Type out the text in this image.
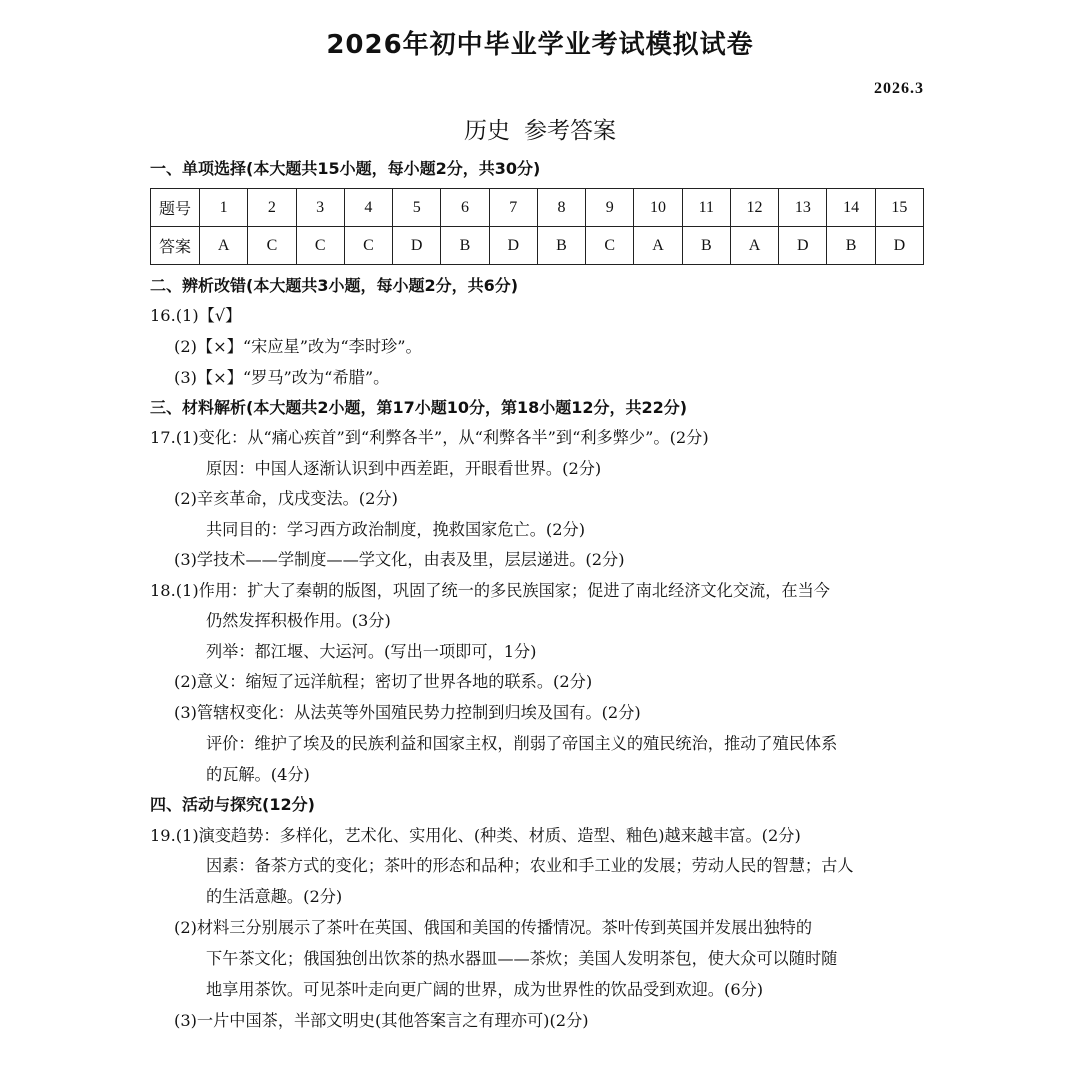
2026年初中毕业学业考试模拟试卷
2026.3
历史 参考答案
一、单项选择(本大题共15小题，每小题2分，共30分)
题号	1	2	3	4	5	6	7	8	9	10	11	12	13	14	15
答案	A	C	C	C	D	B	D	B	C	A	B	A	D	B	D
二、辨析改错(本大题共3小题，每小题2分，共6分)
16.(1)【√】
(2)【×】“宋应星”改为“李时珍”。
(3)【×】“罗马”改为“希腊”。
三、材料解析(本大题共2小题，第17小题10分，第18小题12分，共22分)
17.(1)变化：从“痛心疾首”到“利弊各半”，从“利弊各半”到“利多弊少”。(2分)
原因：中国人逐渐认识到中西差距，开眼看世界。(2分)
(2)辛亥革命，戊戌变法。(2分)
共同目的：学习西方政治制度，挽救国家危亡。(2分)
(3)学技术——学制度——学文化，由表及里，层层递进。(2分)
18.(1)作用：扩大了秦朝的版图，巩固了统一的多民族国家；促进了南北经济文化交流，在当今
仍然发挥积极作用。(3分)
列举：都江堰、大运河。(写出一项即可，1分)
(2)意义：缩短了远洋航程；密切了世界各地的联系。(2分)
(3)管辖权变化：从法英等外国殖民势力控制到归埃及国有。(2分)
评价：维护了埃及的民族利益和国家主权，削弱了帝国主义的殖民统治，推动了殖民体系
的瓦解。(4分)
四、活动与探究(12分)
19.(1)演变趋势：多样化，艺术化、实用化、(种类、材质、造型、釉色)越来越丰富。(2分)
因素：备茶方式的变化；茶叶的形态和品种；农业和手工业的发展；劳动人民的智慧；古人
的生活意趣。(2分)
(2)材料三分别展示了茶叶在英国、俄国和美国的传播情况。茶叶传到英国并发展出独特的
下午茶文化；俄国独创出饮茶的热水器皿——茶炊；美国人发明茶包，使大众可以随时随
地享用茶饮。可见茶叶走向更广阔的世界，成为世界性的饮品受到欢迎。(6分)
(3)一片中国茶，半部文明史(其他答案言之有理亦可)(2分)
